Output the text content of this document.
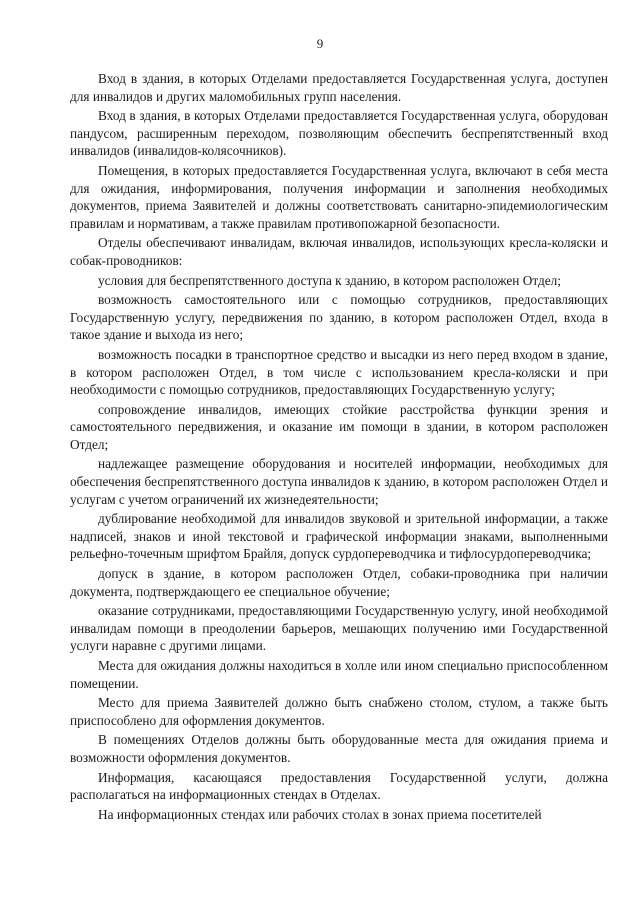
9

Вход в здания, в которых Отделами предоставляется Государственная услуга, доступен для инвалидов и других маломобильных групп населения.

Вход в здания, в которых Отделами предоставляется Государственная услуга, оборудован пандусом, расширенным переходом, позволяющим обеспечить беспрепятственный вход инвалидов (инвалидов-колясочников).

Помещения, в которых предоставляется Государственная услуга, включают в себя места для ожидания, информирования, получения информации и заполнения необходимых документов, приема Заявителей и должны соответствовать санитарно-эпидемиологическим правилам и нормативам, а также правилам противопожарной безопасности.

Отделы обеспечивают инвалидам, включая инвалидов, использующих кресла-коляски и собак-проводников:

условия для беспрепятственного доступа к зданию, в котором расположен Отдел;

возможность самостоятельного или с помощью сотрудников, предоставляющих Государственную услугу, передвижения по зданию, в котором расположен Отдел, входа в такое здание и выхода из него;

возможность посадки в транспортное средство и высадки из него перед входом в здание, в котором расположен Отдел, в том числе с использованием кресла-коляски и при необходимости с помощью сотрудников, предоставляющих Государственную услугу;

сопровождение инвалидов, имеющих стойкие расстройства функции зрения и самостоятельного передвижения, и оказание им помощи в здании, в котором расположен Отдел;

надлежащее размещение оборудования и носителей информации, необходимых для обеспечения беспрепятственного доступа инвалидов к зданию, в котором расположен Отдел и услугам с учетом ограничений их жизнедеятельности;

дублирование необходимой для инвалидов звуковой и зрительной информации, а также надписей, знаков и иной текстовой и графической информации знаками, выполненными рельефно-точечным шрифтом Брайля, допуск сурдопереводчика и тифлосурдопереводчика;

допуск в здание, в котором расположен Отдел, собаки-проводника при наличии документа, подтверждающего ее специальное обучение;

оказание сотрудниками, предоставляющими Государственную услугу, иной необходимой инвалидам помощи в преодолении барьеров, мешающих получению ими Государственной услуги наравне с другими лицами.

Места для ожидания должны находиться в холле или ином специально приспособленном помещении.

Место для приема Заявителей должно быть снабжено столом, стулом, а также быть приспособлено для оформления документов.

В помещениях Отделов должны быть оборудованные места для ожидания приема и возможности оформления документов.

Информация, касающаяся предоставления Государственной услуги, должна располагаться на информационных стендах в Отделах.

На информационных стендах или рабочих столах в зонах приема посетителей
